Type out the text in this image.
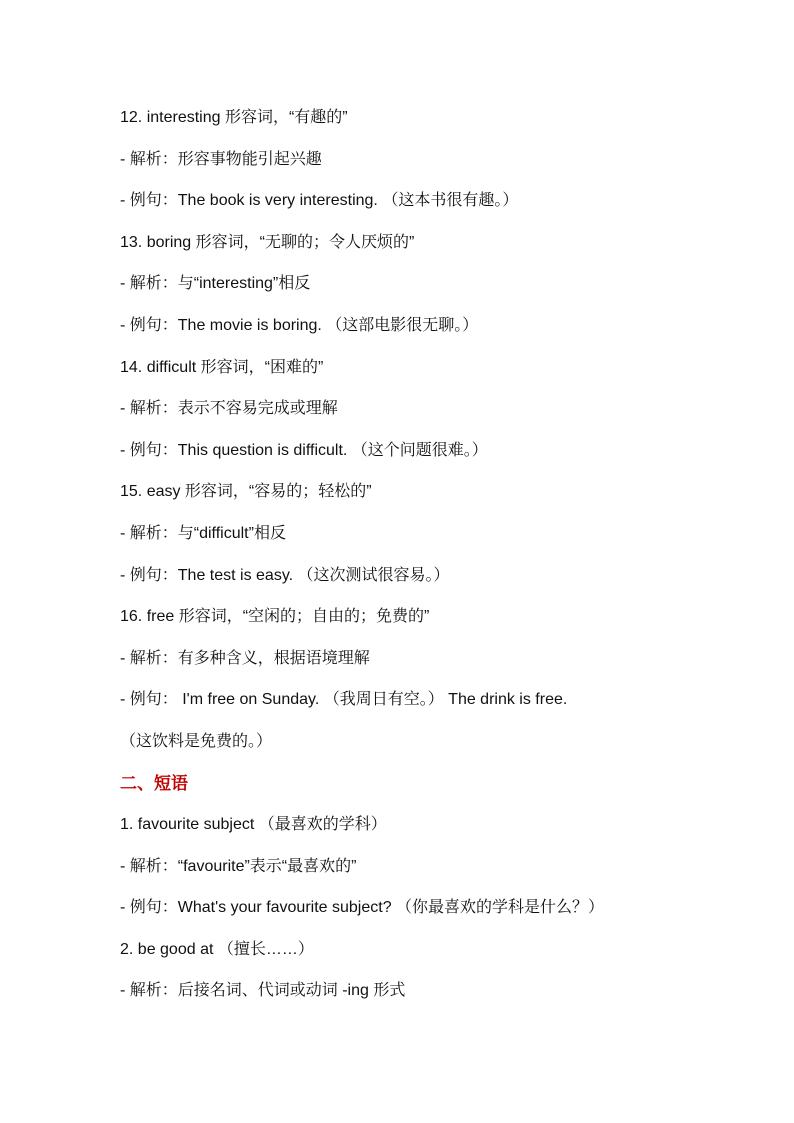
12. interesting 形容词，“有趣的”
- 解析：形容事物能引起兴趣
- 例句：The book is very interesting. （这本书很有趣。）
13. boring 形容词，“无聊的；令人厌烦的”
- 解析：与“interesting”相反
- 例句：The movie is boring. （这部电影很无聊。）
14. difficult 形容词，“困难的”
- 解析：表示不容易完成或理解
- 例句：This question is difficult. （这个问题很难。）
15. easy 形容词，“容易的；轻松的”
- 解析：与“difficult”相反
- 例句：The test is easy. （这次测试很容易。）
16. free 形容词，“空闲的；自由的；免费的”
- 解析：有多种含义，根据语境理解
- 例句： I'm free on Sunday. （我周日有空。） The drink is free.
（这饮料是免费的。）
二、短语
1. favourite subject （最喜欢的学科）
- 解析：“favourite”表示“最喜欢的”
- 例句：What's your favourite subject? （你最喜欢的学科是什么？）
2. be good at （擅长……）
- 解析：后接名词、代词或动词 -ing 形式
